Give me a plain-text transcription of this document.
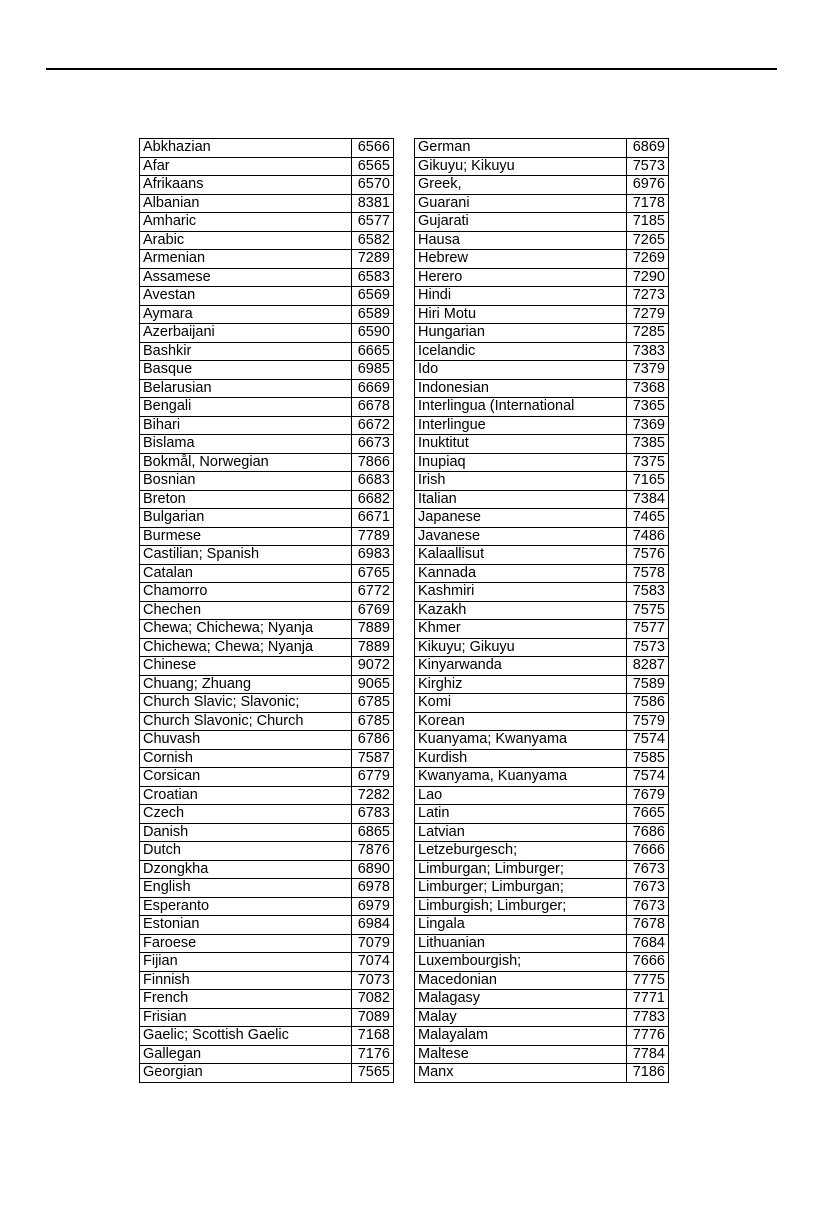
Abkhazian	6566
Afar	6565
Afrikaans	6570
Albanian	8381
Amharic	6577
Arabic	6582
Armenian	7289
Assamese	6583
Avestan	6569
Aymara	6589
Azerbaijani	6590
Bashkir	6665
Basque	6985
Belarusian	6669
Bengali	6678
Bihari	6672
Bislama	6673
Bokmål, Norwegian	7866
Bosnian	6683
Breton	6682
Bulgarian	6671
Burmese	7789
Castilian; Spanish	6983
Catalan	6765
Chamorro	6772
Chechen	6769
Chewa; Chichewa; Nyanja	7889
Chichewa; Chewa; Nyanja	7889
Chinese	9072
Chuang; Zhuang	9065
Church Slavic; Slavonic;	6785
Church Slavonic; Church	6785
Chuvash	6786
Cornish	7587
Corsican	6779
Croatian	7282
Czech	6783
Danish	6865
Dutch	7876
Dzongkha	6890
English	6978
Esperanto	6979
Estonian	6984
Faroese	7079
Fijian	7074
Finnish	7073
French	7082
Frisian	7089
Gaelic; Scottish Gaelic	7168
Gallegan	7176
Georgian	7565
German	6869
Gikuyu; Kikuyu	7573
Greek,	6976
Guarani	7178
Gujarati	7185
Hausa	7265
Hebrew	7269
Herero	7290
Hindi	7273
Hiri Motu	7279
Hungarian	7285
Icelandic	7383
Ido	7379
Indonesian	7368
Interlingua (International	7365
Interlingue	7369
Inuktitut	7385
Inupiaq	7375
Irish	7165
Italian	7384
Japanese	7465
Javanese	7486
Kalaallisut	7576
Kannada	7578
Kashmiri	7583
Kazakh	7575
Khmer	7577
Kikuyu; Gikuyu	7573
Kinyarwanda	8287
Kirghiz	7589
Komi	7586
Korean	7579
Kuanyama; Kwanyama	7574
Kurdish	7585
Kwanyama, Kuanyama	7574
Lao	7679
Latin	7665
Latvian	7686
Letzeburgesch;	7666
Limburgan; Limburger;	7673
Limburger; Limburgan;	7673
Limburgish; Limburger;	7673
Lingala	7678
Lithuanian	7684
Luxembourgish;	7666
Macedonian	7775
Malagasy	7771
Malay	7783
Malayalam	7776
Maltese	7784
Manx	7186
